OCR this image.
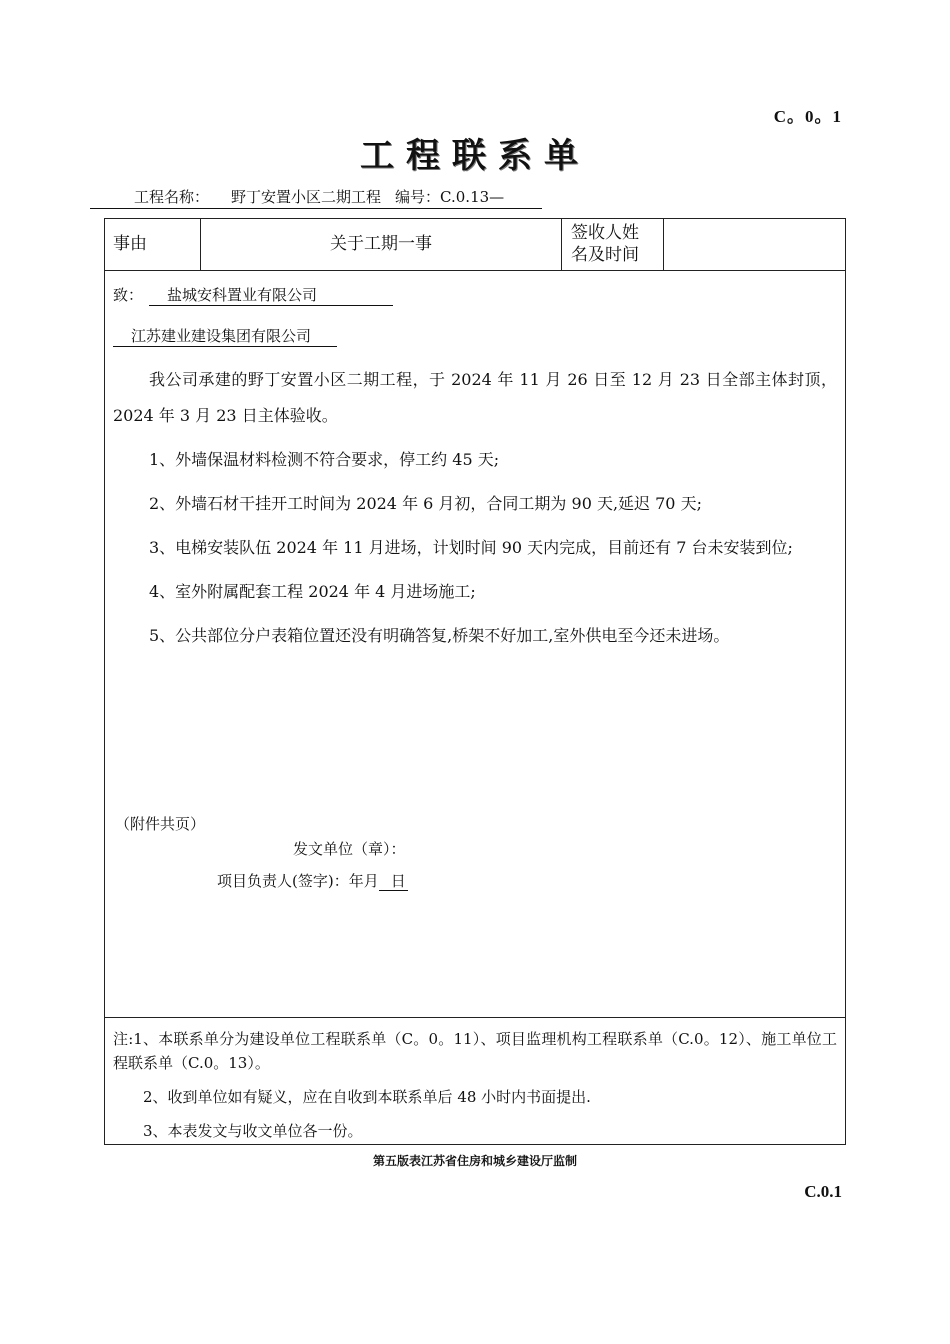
C。0。1
工程联系单
工程名称： 野丁安置小区二期工程 编号：C.0.13—
事由	关于工期一事
签收人姓
名及时间
致： 盐城安科置业有限公司
江苏建业建设集团有限公司

我公司承建的野丁安置小区二期工程，于 2024 年 11 月 26 日至 12 月 23 日全部主体封顶，2024 年 3 月 23 日主体验收。

1、外墙保温材料检测不符合要求，停工约 45 天;

2、外墙石材干挂开工时间为 2024 年 6 月初，合同工期为 90 天,延迟 70 天;

3、电梯安装队伍 2024 年 11 月进场，计划时间 90 天内完成，目前还有 7 台未安装到位;

4、室外附属配套工程 2024 年 4 月进场施工;

5、公共部位分户表箱位置还没有明确答复,桥架不好加工,室外供电至今还未进场。

（附件共页）
发文单位（章）：
项目负责人(签字)：年月 日

注:1、本联系单分为建设单位工程联系单（C。0。11）、项目监理机构工程联系单（C.0。12）、施工单位工程联系单（C.0。13）。

2、收到单位如有疑义，应在自收到本联系单后 48 小时内书面提出.

3、本表发文与收文单位各一份。

第五版表江苏省住房和城乡建设厅监制
C.0.1
